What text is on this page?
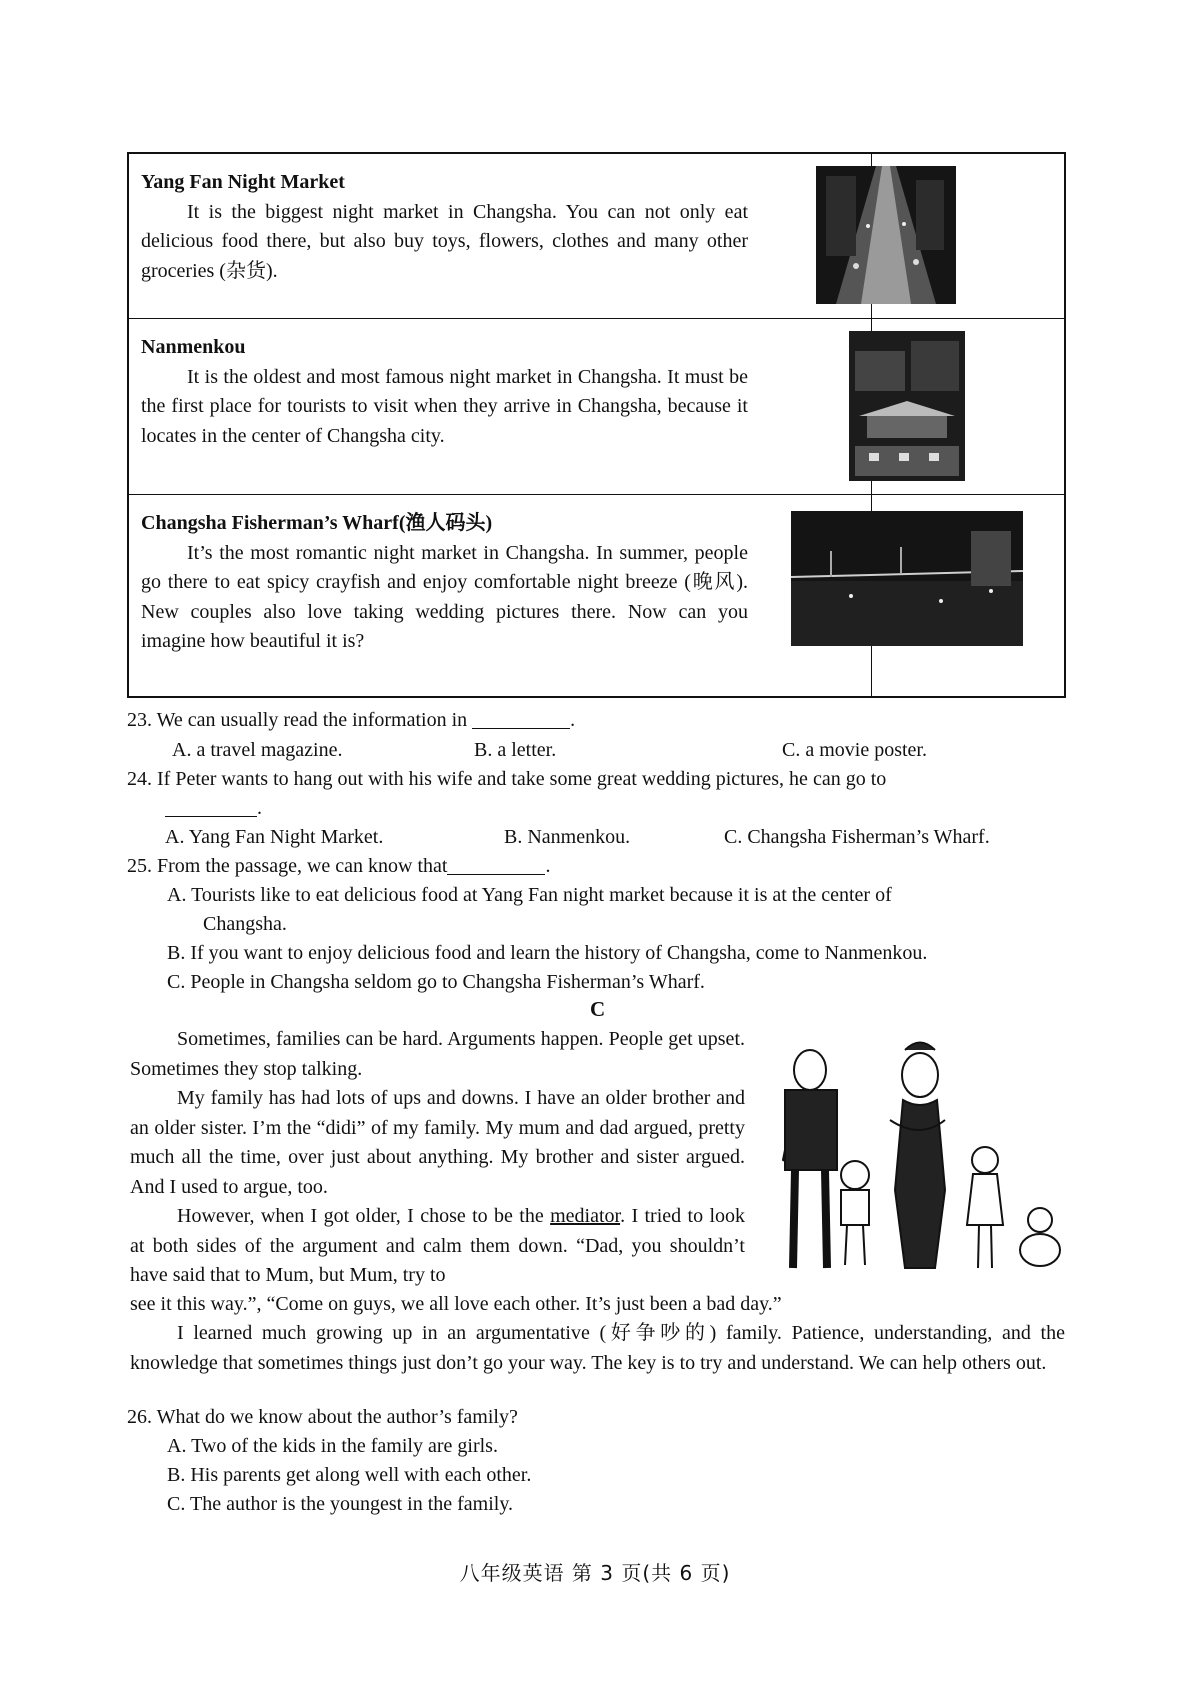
Yang Fan Night Market
It is the biggest night market in Changsha. You can not only eat delicious food there, but also buy toys, flowers, clothes and many other groceries (杂货).
Nanmenkou
It is the oldest and most famous night market in Changsha. It must be the first place for tourists to visit when they arrive in Changsha, because it locates in the center of Changsha city.
Changsha Fisherman’s Wharf(渔人码头)
It’s the most romantic night market in Changsha. In summer, people go there to eat spicy crayfish and enjoy comfortable night breeze (晚风). New couples also love taking wedding pictures there. Now can you imagine how beautiful it is?
23. We can usually read the information in	.
A. a travel magazine.	B. a letter.	C. a movie poster.
24. If Peter wants to hang out with his wife and take some great wedding pictures, he can go to
.
A. Yang Fan Night Market.	B. Nanmenkou.	C. Changsha Fisherman’s Wharf.
25. From the passage, we can know that	.
A. Tourists like to eat delicious food at Yang Fan night market because it is at the center of
Changsha.
B. If you want to enjoy delicious food and learn the history of Changsha, come to Nanmenkou.
C. People in Changsha seldom go to Changsha Fisherman’s Wharf.
C
Sometimes, families can be hard. Arguments happen. People get upset. Sometimes they stop talking.
My family has had lots of ups and downs. I have an older brother and an older sister. I’m the “didi” of my family. My mum and dad argued, pretty much all the time, over just about anything. My brother and sister argued. And I used to argue, too.
However, when I got older, I chose to be the mediator. I tried to look at both sides of the argument and calm them down. “Dad, you shouldn’t have said that to Mum, but Mum, try to
see it this way.”, “Come on guys, we all love each other. It’s just been a bad day.”
I learned much growing up in an argumentative (好争吵的) family. Patience, understanding, and the knowledge that sometimes things just don’t go your way. The key is to try and understand. We can help others out.
26. What do we know about the author’s family?
A. Two of the kids in the family are girls.
B. His parents get along well with each other.
C. The author is the youngest in the family.
八年级英语 第 3 页(共 6 页)
